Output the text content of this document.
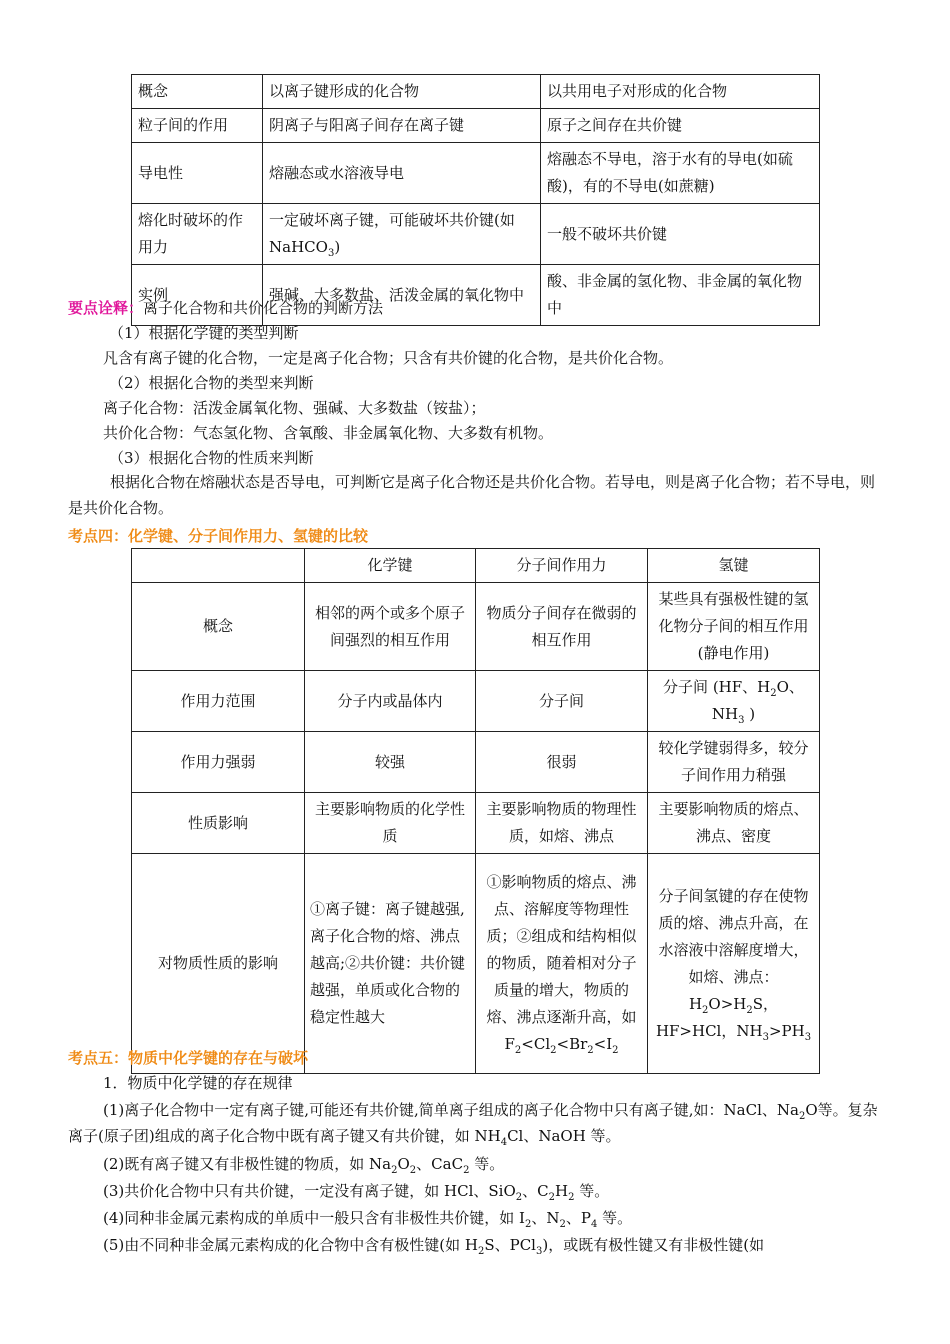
概念	以离子键形成的化合物	以共用电子对形成的化合物
粒子间的作用	阴离子与阳离子间存在离子键	原子之间存在共价键
导电性	熔融态或水溶液导电	熔融态不导电，溶于水有的导电(如硫酸)，有的不导电(如蔗糖)
熔化时破坏的作用力	一定破坏离子键，可能破坏共价键(如 NaHCO$_3$)	一般不破坏共价键
实例	强碱、大多数盐、活泼金属的氧化物中	酸、非金属的氢化物、非金属的氧化物中
要点诠释：离子化合物和共价化合物的判断方法
（1）根据化学键的类型判断
凡含有离子键的化合物，一定是离子化合物；只含有共价键的化合物，是共价化合物。
（2）根据化合物的类型来判断
离子化合物：活泼金属氧化物、强碱、大多数盐（铵盐）；
共价化合物：气态氢化物、含氧酸、非金属氧化物、大多数有机物。
（3）根据化合物的性质来判断
根据化合物在熔融状态是否导电，可判断它是离子化合物还是共价化合物。若导电，则是离子化合物；若不导电，则是共价化合物。
考点四：化学键、分子间作用力、氢键的比较
	化学键	分子间作用力	氢键
概念	相邻的两个或多个原子间强烈的相互作用	物质分子间存在微弱的相互作用	某些具有强极性键的氢化物分子间的相互作用(静电作用)
作用力范围	分子内或晶体内	分子间	分子间 (HF、$H_2O$、$NH_3$ )
作用力强弱	较强	很弱	较化学键弱得多，较分子间作用力稍强
性质影响	主要影响物质的化学性质	主要影响物质的物理性质，如熔、沸点	主要影响物质的熔点、沸点、密度
对物质性质的影响	①离子键：离子键越强,离子化合物的熔、沸点越高;②共价键：共价键越强，单质或化合物的稳定性越大	①影响物质的熔点、沸点、溶解度等物理性质；②组成和结构相似的物质，随着相对分子质量的增大，物质的熔、沸点逐渐升高，如 $F_2<Cl_2<Br_2<I_2$	分子间氢键的存在使物质的熔、沸点升高，在水溶液中溶解度增大，如熔、沸点：$H_2O>H_2S$，HF>HCl，$NH_3>PH_3$
考点五：物质中化学键的存在与破坏
1．物质中化学键的存在规律
(1)离子化合物中一定有离子键,可能还有共价键,简单离子组成的离子化合物中只有离子键,如：NaCl、$Na_2O$等。复杂离子(原子团)组成的离子化合物中既有离子键又有共价键，如 $NH_4Cl$、NaOH 等。
(2)既有离子键又有非极性键的物质，如 $Na_2O_2$、CaC$_2$ 等。
(3)共价化合物中只有共价键，一定没有离子键，如 HCl、SiO$_2$、$C_2H_2$ 等。
(4)同种非金属元素构成的单质中一般只含有非极性共价键，如 $I_2$、$N_2$、$P_4$ 等。
(5)由不同种非金属元素构成的化合物中含有极性键(如 $H_2S$、PCl$_3$)，或既有极性键又有非极性键(如
